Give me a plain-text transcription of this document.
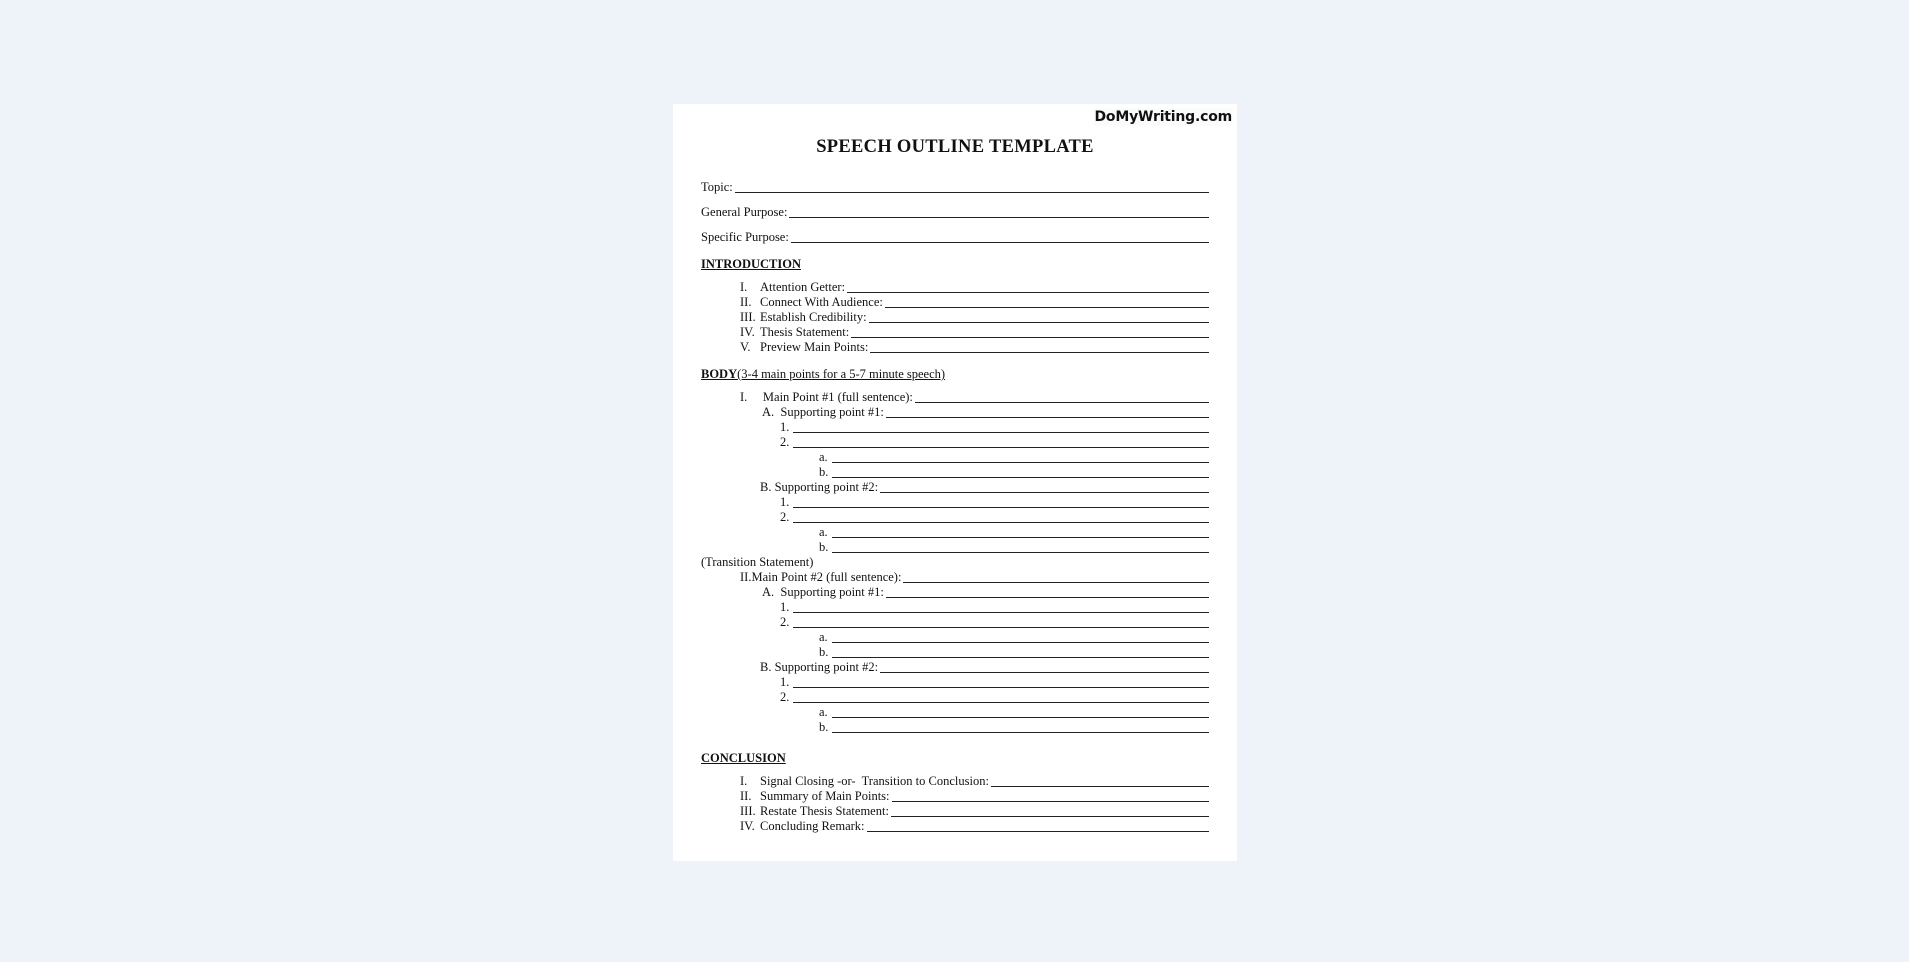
DoMyWriting.com
SPEECH OUTLINE TEMPLATE
Topic:
General Purpose:
Specific Purpose:
INTRODUCTION
I.	Attention Getter:
II. Connect With Audience:
III. Establish Credibility:
IV. Thesis Statement:
V. Preview Main Points:
BODY (3-4 main points for a 5-7 minute speech)
I.     Main Point #1 (full sentence):
A.  Supporting point #1:
1.
2.
a.
b.
B. Supporting point #2:
1.
2.
a.
b.
(Transition Statement)
II.Main Point #2 (full sentence):
A.  Supporting point #1:
1.
2.
a.
b.
B. Supporting point #2:
1.
2.
a.
b.
CONCLUSION
I.	Signal Closing -or-  Transition to Conclusion:
II. Summary of Main Points:
III. Restate Thesis Statement:
IV. Concluding Remark:
